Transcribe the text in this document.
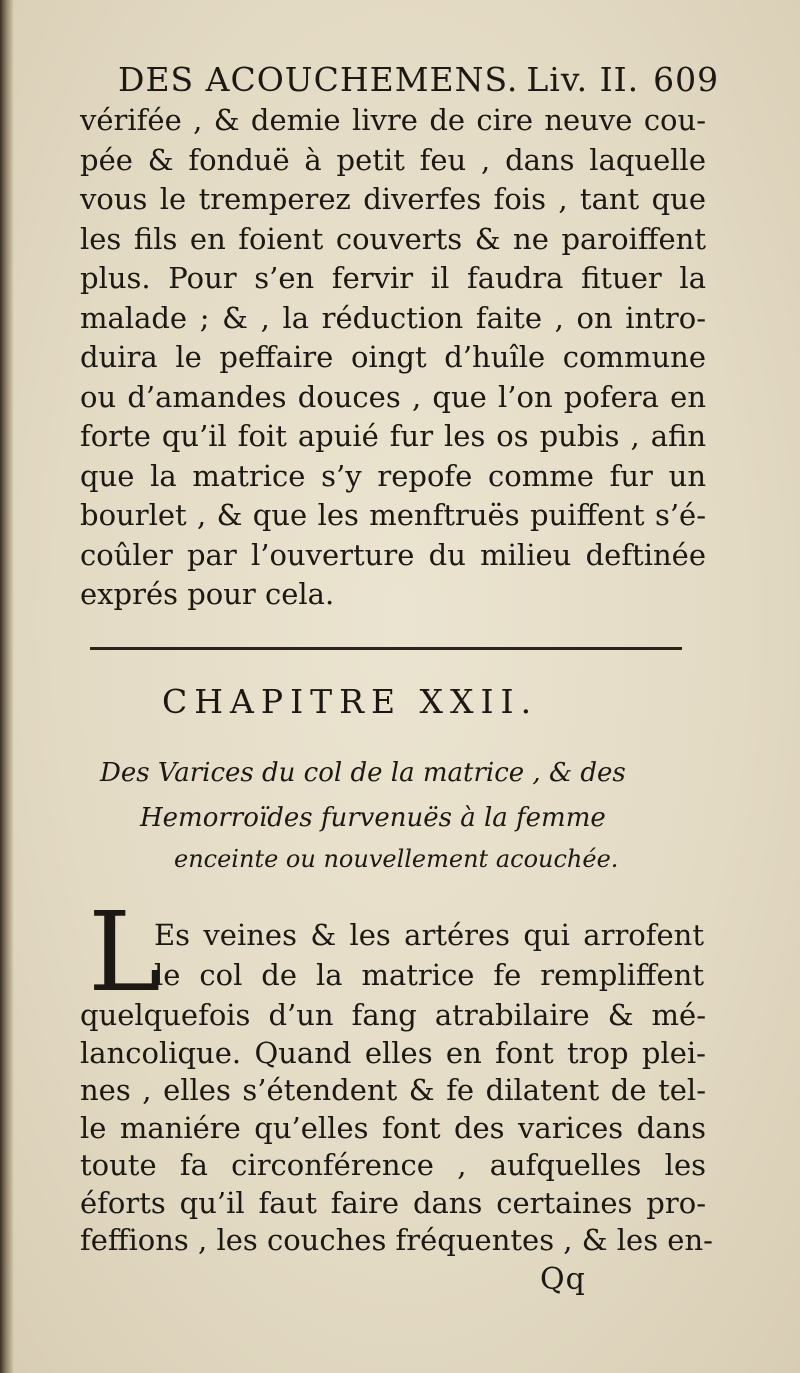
DES ACOUCHEMENS. Liv. II. 609
vérifée , & demie livre de cire neuve cou-
pée & fonduë à petit feu , dans laquelle
vous le tremperez diverfes fois , tant que
les fils en foient couverts & ne paroiffent
plus. Pour s’en fervir il faudra fituer la
malade ; & , la réduction faite , on intro-
duira le peffaire oingt d’huîle commune
ou d’amandes douces , que l’on pofera en
forte qu’il foit apuié fur les os pubis , afin
que la matrice s’y repofe comme fur un
bourlet , & que les menftruës puiffent s’é-
coûler par l’ouverture du milieu deftinée
exprés pour cela.
CHAPITRE XXII.
Des Varices du col de la matrice , & des
Hemorroïdes furvenuës à la femme
enceinte ou nouvellement acouchée.
L
Es veines & les artéres qui arrofent
le col de la matrice fe rempliffent
quelquefois d’un fang atrabilaire & mé-
lancolique. Quand elles en font trop plei-
nes , elles s’étendent & fe dilatent de tel-
le maniére qu’elles font des varices dans
toute fa circonférence , aufquelles les
éforts qu’il faut faire dans certaines pro-
feffions , les couches fréquentes , & les en-
Qq
